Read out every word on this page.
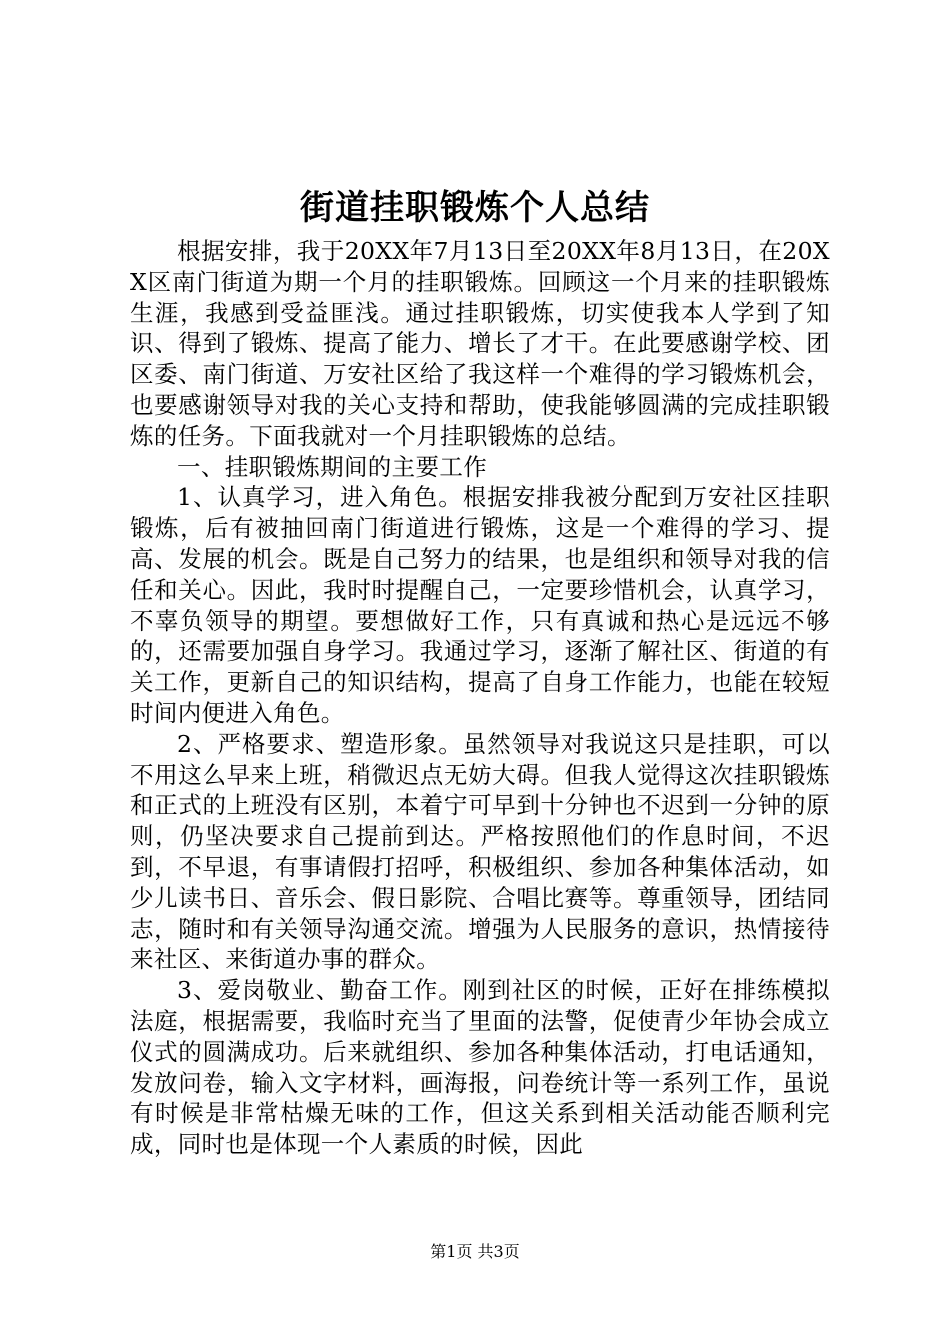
街道挂职锻炼个人总结

根据安排，我于20XX年7月13日至20XX年8月13日，在20XX区南门街道为期一个月的挂职锻炼。回顾这一个月来的挂职锻炼生涯，我感到受益匪浅。通过挂职锻炼，切实使我本人学到了知识、得到了锻炼、提高了能力、增长了才干。在此要感谢学校、团区委、南门街道、万安社区给了我这样一个难得的学习锻炼机会，也要感谢领导对我的关心支持和帮助，使我能够圆满的完成挂职锻炼的任务。下面我就对一个月挂职锻炼的总结。

一、挂职锻炼期间的主要工作

1、认真学习，进入角色。根据安排我被分配到万安社区挂职锻炼，后有被抽回南门街道进行锻炼，这是一个难得的学习、提高、发展的机会。既是自己努力的结果，也是组织和领导对我的信任和关心。因此，我时时提醒自己，一定要珍惜机会，认真学习，不辜负领导的期望。要想做好工作，只有真诚和热心是远远不够的，还需要加强自身学习。我通过学习，逐渐了解社区、街道的有关工作，更新自己的知识结构，提高了自身工作能力，也能在较短时间内便进入角色。

2、严格要求、塑造形象。虽然领导对我说这只是挂职，可以不用这么早来上班，稍微迟点无妨大碍。但我人觉得这次挂职锻炼和正式的上班没有区别，本着宁可早到十分钟也不迟到一分钟的原则，仍坚决要求自己提前到达。严格按照他们的作息时间，不迟到，不早退，有事请假打招呼，积极组织、参加各种集体活动，如少儿读书日、音乐会、假日影院、合唱比赛等。尊重领导，团结同志，随时和有关领导沟通交流。增强为人民服务的意识，热情接待来社区、来街道办事的群众。

3、爱岗敬业、勤奋工作。刚到社区的时候，正好在排练模拟法庭，根据需要，我临时充当了里面的法警，促使青少年协会成立仪式的圆满成功。后来就组织、参加各种集体活动，打电话通知，发放问卷，输入文字材料，画海报，问卷统计等一系列工作，虽说有时候是非常枯燥无味的工作，但这关系到相关活动能否顺利完成，同时也是体现一个人素质的时候，因此

第1页 共3页
